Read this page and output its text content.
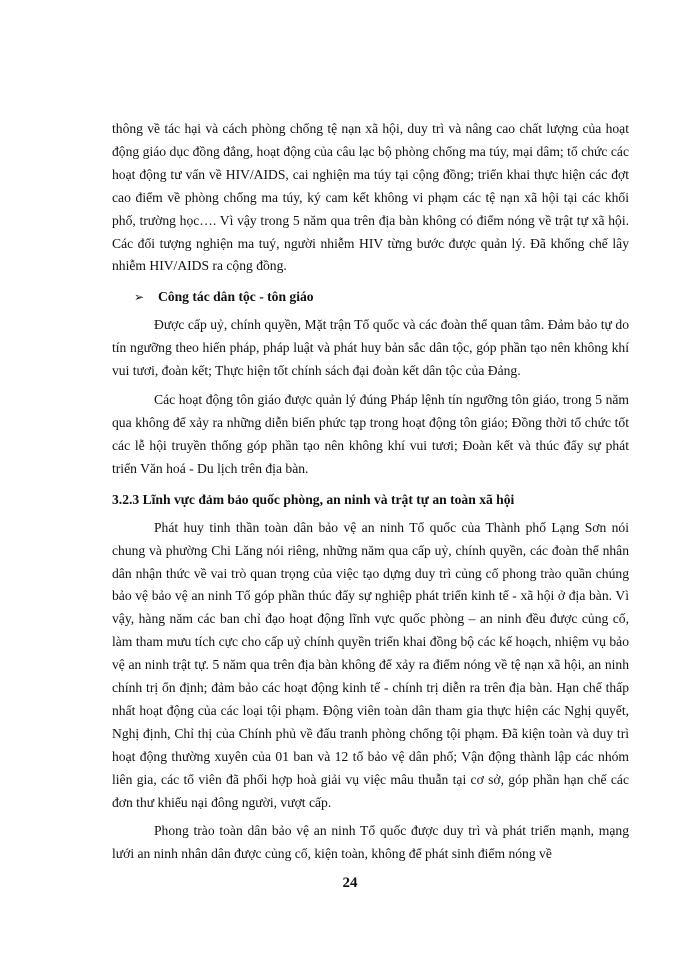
thông về tác hại và cách phòng chống tệ nạn xã hội, duy trì và nâng cao chất lượng của hoạt động giáo dục đồng đẳng, hoạt động của câu lạc bộ phòng chống ma túy, mại dâm; tổ chức các hoạt động tư vấn về HIV/AIDS, cai nghiện ma túy tại cộng đồng; triển khai thực hiện các đợt cao điểm về phòng chống ma túy, ký cam kết không vi phạm các tệ nạn xã hội tại các khối phố, trường học…. Vì vậy trong 5 năm qua trên địa bàn không có điểm nóng về trật tự xã hội. Các đối tượng nghiện ma tuý, người nhiễm HIV từng bước được quản lý. Đã khống chế lây nhiễm HIV/AIDS ra cộng đồng.

➢	Công tác dân tộc - tôn giáo

Được cấp uỷ, chính quyền, Mặt trận Tổ quốc và các đoàn thể quan tâm. Đảm bảo tự do tín ngưỡng theo hiến pháp, pháp luật và phát huy bản sắc dân tộc, góp phần tạo nên không khí vui tươi, đoàn kết; Thực hiện tốt chính sách đại đoàn kết dân tộc của Đảng.

Các hoạt động tôn giáo được quản lý đúng Pháp lệnh tín ngưỡng tôn giáo, trong 5 năm qua không để xảy ra những diễn biến phức tạp trong hoạt động tôn giáo; Đồng thời tổ chức tốt các lễ hội truyền thống góp phần tạo nên không khí vui tươi; Đoàn kết và thúc đẩy sự phát triển Văn hoá - Du lịch trên địa bàn.

3.2.3 Lĩnh vực đảm bảo quốc phòng, an ninh và trật tự an toàn xã hội

Phát huy tinh thần toàn dân bảo vệ an ninh Tổ quốc của Thành phố Lạng Sơn nói chung và phường Chi Lăng nói riêng, những năm qua cấp uỷ, chính quyền, các đoàn thể nhân dân nhận thức về vai trò quan trọng của việc tạo dựng duy trì củng cố phong trào quần chúng bảo vệ bảo vệ an ninh Tổ góp phần thúc đẩy sự nghiệp phát triển kinh tế - xã hội ở địa bàn. Vì vậy, hàng năm các ban chỉ đạo hoạt động lĩnh vực quốc phòng – an ninh đều được củng cố, làm tham mưu tích cực cho cấp uỷ chính quyền triển khai đồng bộ các kế hoạch, nhiệm vụ bảo vệ an ninh trật tự. 5 năm qua trên địa bàn không để xảy ra điểm nóng về tệ nạn xã hội, an ninh chính trị ổn định; đảm bảo các hoạt động kinh tế - chính trị diễn ra trên địa bàn. Hạn chế thấp nhất hoạt động của các loại tội phạm. Động viên toàn dân tham gia thực hiện các Nghị quyết, Nghị định, Chỉ thị của Chính phủ về đấu tranh phòng chống tội phạm. Đã kiện toàn và duy trì hoạt động thường xuyên của 01 ban và 12 tổ bảo vệ dân phố; Vận động thành lập các nhóm liên gia, các tổ viên đã phối hợp hoà giải vụ việc mâu thuẫn tại cơ sở, góp phần hạn chế các đơn thư khiếu nại đông người, vượt cấp.

Phong trào toàn dân bảo vệ an ninh Tổ quốc được duy trì và phát triển mạnh, mạng lưới an ninh nhân dân được củng cố, kiện toàn, không để phát sinh điểm nóng về

24
